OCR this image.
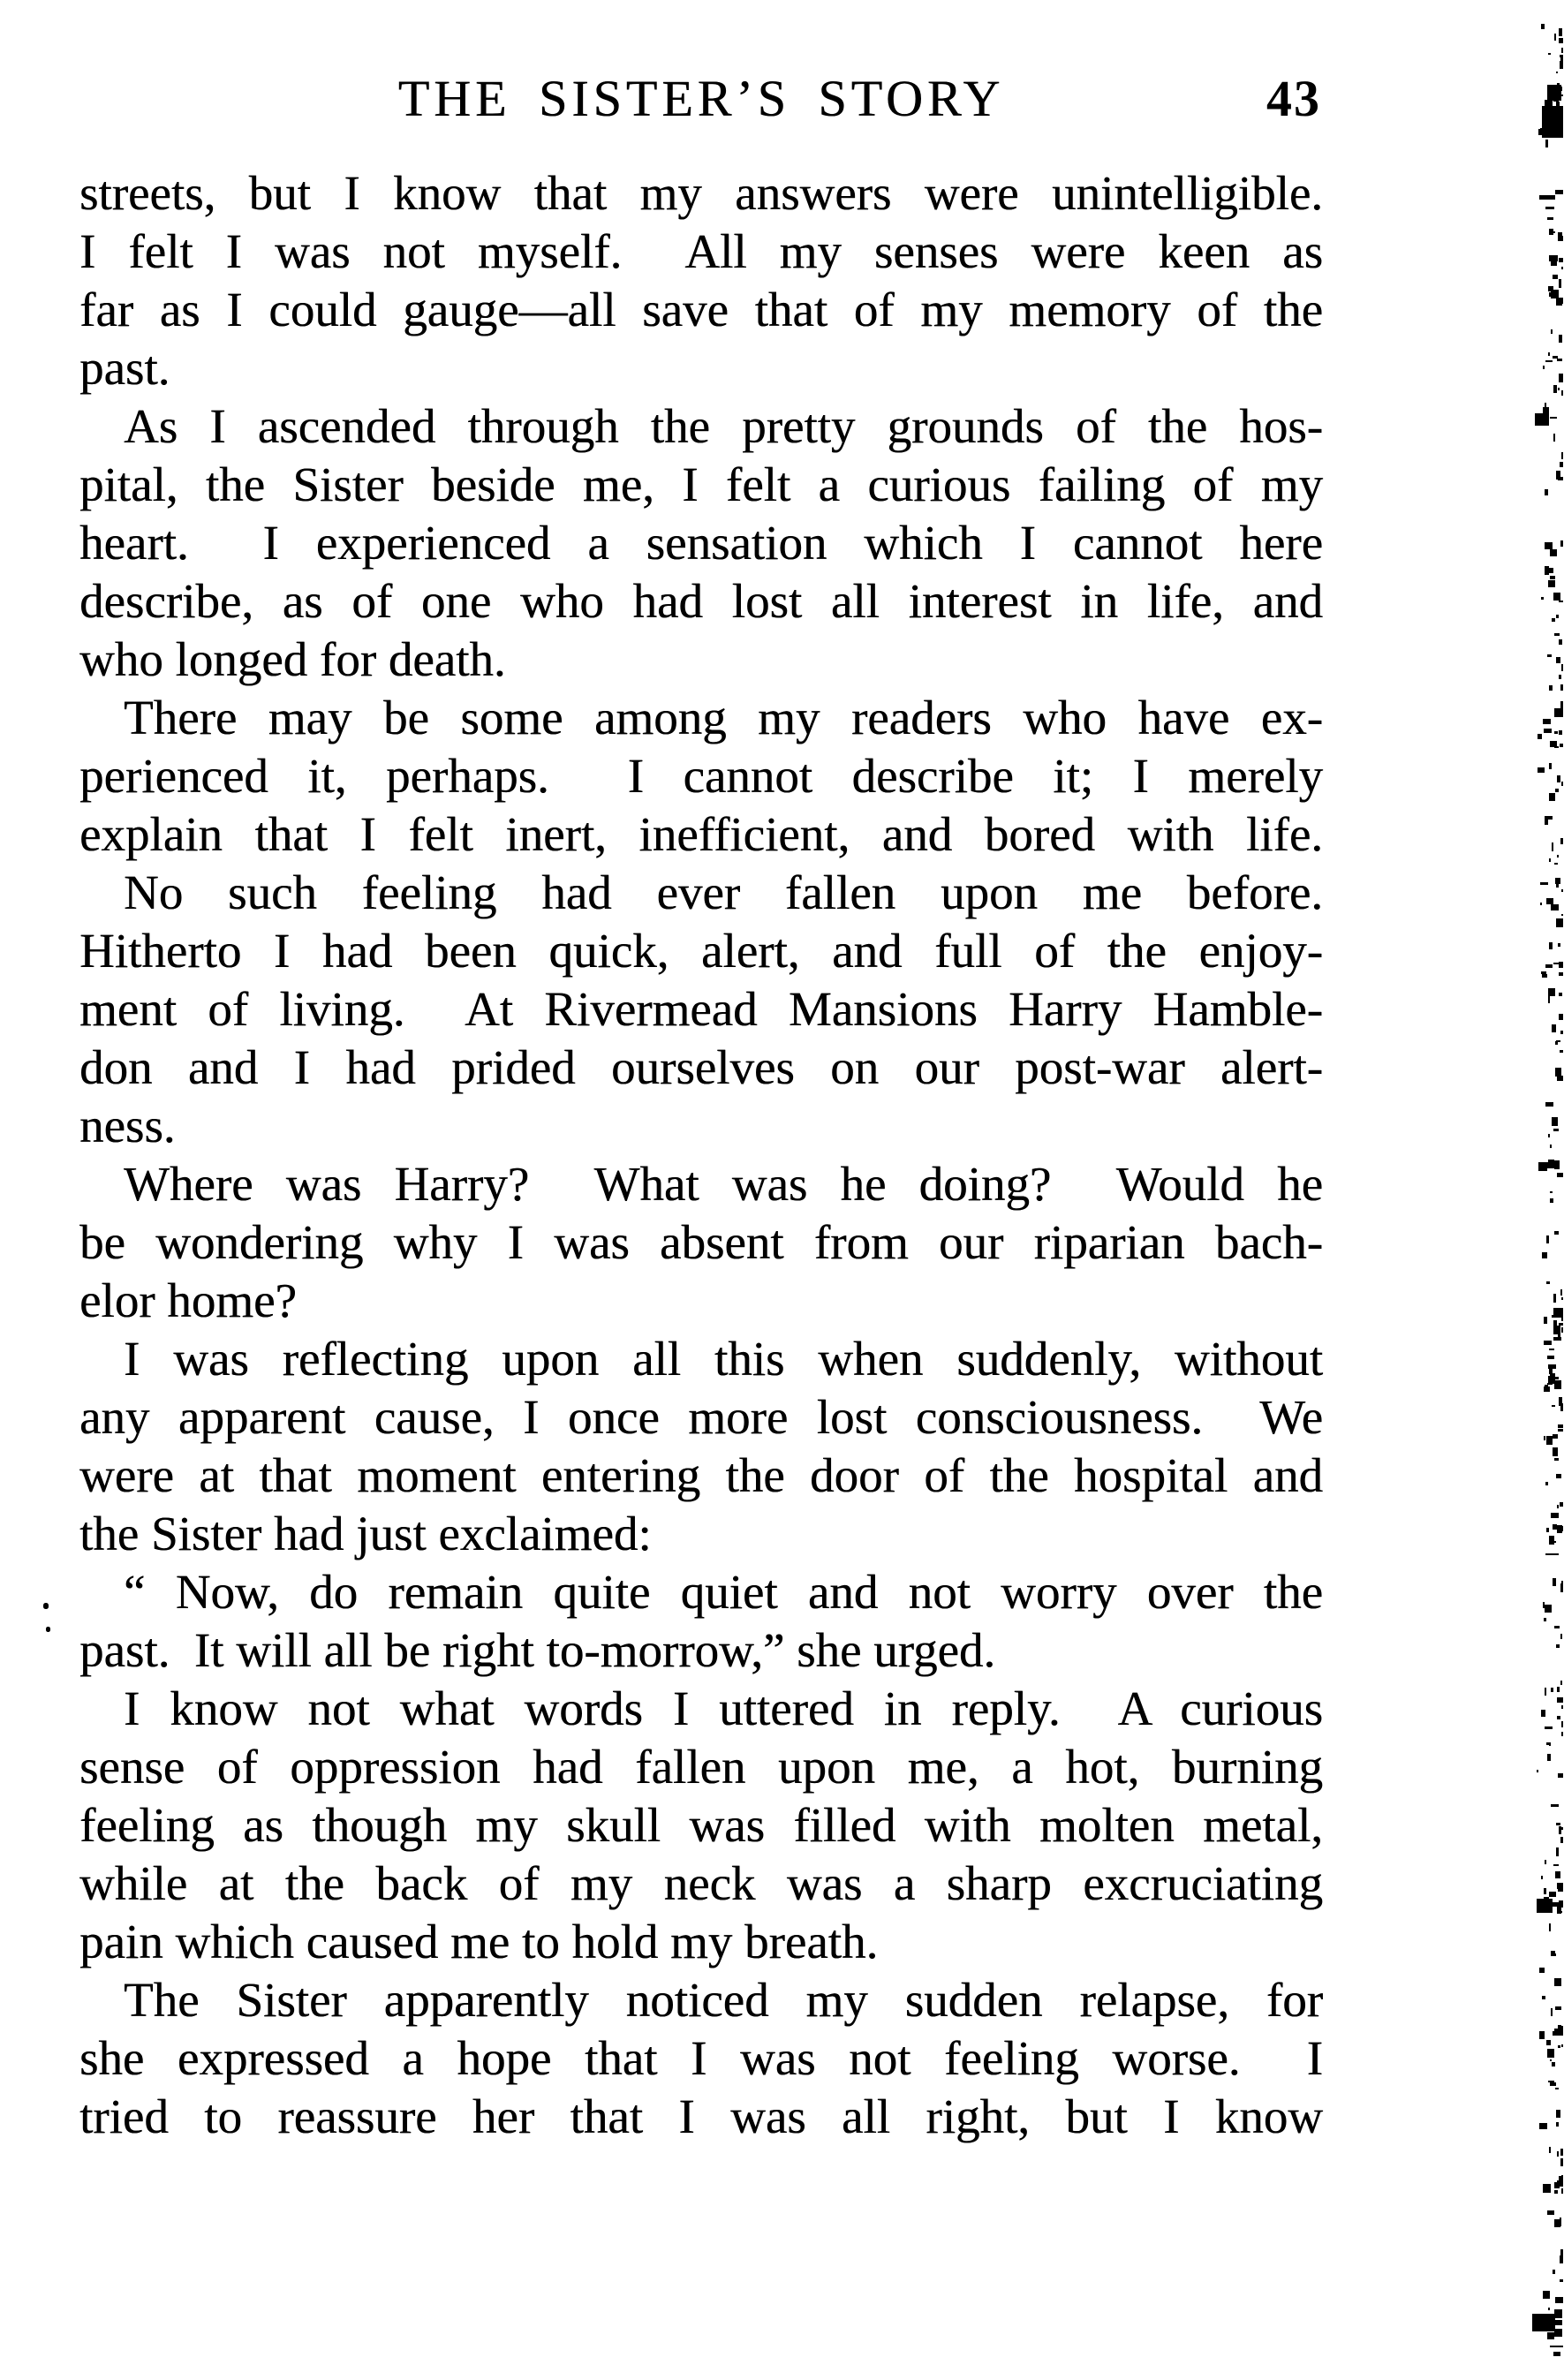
THE SISTER’S STORY	43
streets, but I know that my answers were unintelligible.
I felt I was not myself.  All my senses were keen as
far as I could gauge—all save that of my memory of the
past.
As I ascended through the pretty grounds of the hos-
pital, the Sister beside me, I felt a curious failing of my
heart.  I experienced a sensation which I cannot here
describe, as of one who had lost all interest in life, and
who longed for death.
There may be some among my readers who have ex-
perienced it, perhaps.  I cannot describe it; I merely
explain that I felt inert, inefficient, and bored with life.
No such feeling had ever fallen upon me before.
Hitherto I had been quick, alert, and full of the enjoy-
ment of living.  At Rivermead Mansions Harry Hamble-
don and I had prided ourselves on our post-war alert-
ness.
Where was Harry?  What was he doing?  Would he
be wondering why I was absent from our riparian bach-
elor home?
I was reflecting upon all this when suddenly, without
any apparent cause, I once more lost consciousness.  We
were at that moment entering the door of the hospital and
the Sister had just exclaimed:
“ Now, do remain quite quiet and not worry over the
past.  It will all be right to-morrow,” she urged.
I know not what words I uttered in reply.  A curious
sense of oppression had fallen upon me, a hot, burning
feeling as though my skull was filled with molten metal,
while at the back of my neck was a sharp excruciating
pain which caused me to hold my breath.
The Sister apparently noticed my sudden relapse, for
she expressed a hope that I was not feeling worse.  I
tried to reassure her that I was all right, but I know
